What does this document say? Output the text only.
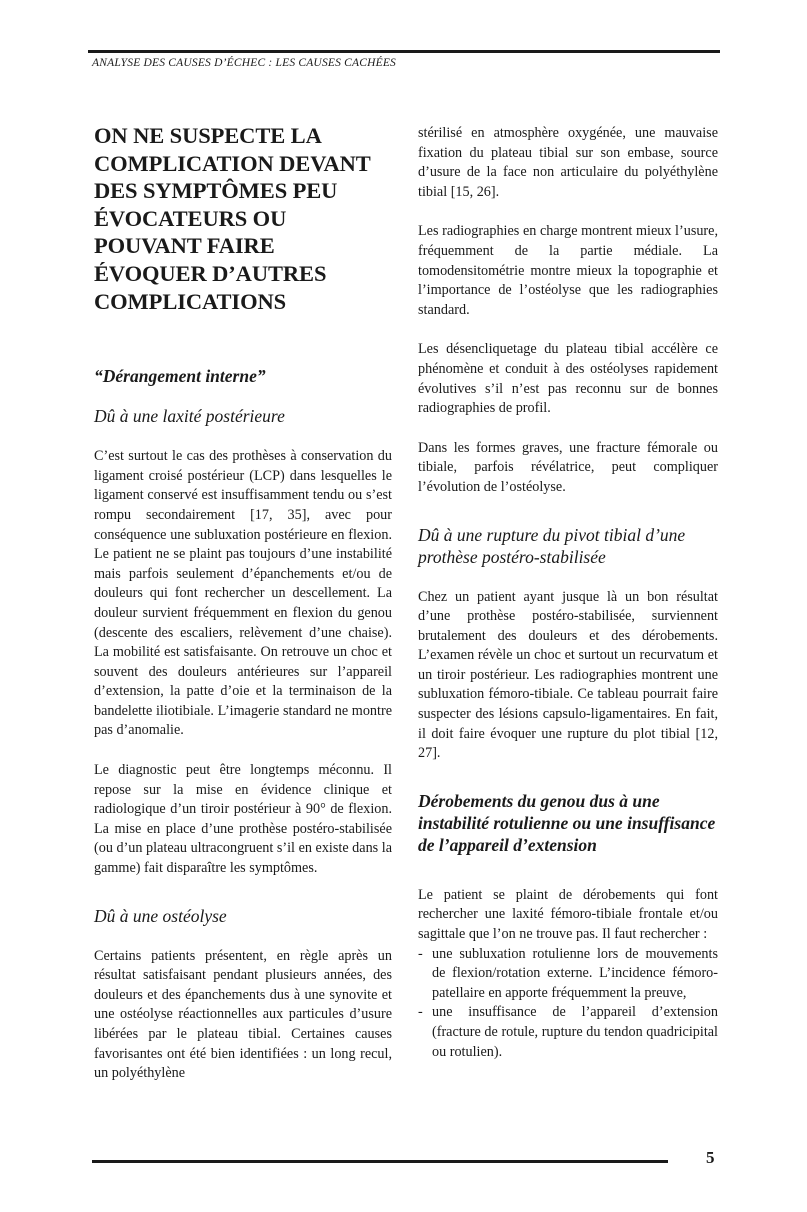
ANALYSE DES CAUSES D’ÉCHEC : LES CAUSES CACHÉES
ON NE SUSPECTE LA COMPLICATION DEVANT DES SYMPTÔMES PEU ÉVOCATEURS OU POUVANT FAIRE ÉVOQUER D’AUTRES COMPLICATIONS
“Dérangement interne”
Dû à une laxité postérieure

C’est surtout le cas des prothèses à conservation du ligament croisé postérieur (LCP) dans lesquelles le ligament conservé est insuffisamment tendu ou s’est rompu secondairement [17, 35], avec pour conséquence une subluxation postérieure en flexion. Le patient ne se plaint pas toujours d’une instabilité mais parfois seulement d’épanchements et/ou de douleurs qui font rechercher un descellement. La douleur survient fréquemment en flexion du genou (descente des escaliers, relèvement d’une chaise). La mobilité est satisfaisante. On retrouve un choc et souvent des douleurs antérieures sur l’appareil d’extension, la patte d’oie et la terminaison de la bandelette iliotibiale. L’imagerie standard ne montre pas d’anomalie.

Le diagnostic peut être longtemps méconnu. Il repose sur la mise en évidence clinique et radiologique d’un tiroir postérieur à 90° de flexion. La mise en place d’une prothèse postéro-stabilisée (ou d’un plateau ultracongruent s’il en existe dans la gamme) fait disparaître les symptômes.

Dû à une ostéolyse

Certains patients présentent, en règle après un résultat satisfaisant pendant plusieurs années, des douleurs et des épanchements dus à une synovite et une ostéolyse réactionnelles aux particules d’usure libérées par le plateau tibial. Certaines causes favorisantes ont été bien identifiées : un long recul, un polyéthylène

stérilisé en atmosphère oxygénée, une mauvaise fixation du plateau tibial sur son embase, source d’usure de la face non articulaire du polyéthylène tibial [15, 26].

Les radiographies en charge montrent mieux l’usure, fréquemment de la partie médiale. La tomodensitométrie montre mieux la topographie et l’importance de l’ostéolyse que les radiographies standard.

Les désencliquetage du plateau tibial accélère ce phénomène et conduit à des ostéolyses rapidement évolutives s’il n’est pas reconnu sur de bonnes radiographies de profil.

Dans les formes graves, une fracture fémorale ou tibiale, parfois révélatrice, peut compliquer l’évolution de l’ostéolyse.

Dû à une rupture du pivot tibial d’une prothèse postéro-stabilisée

Chez un patient ayant jusque là un bon résultat d’une prothèse postéro-stabilisée, surviennent brutalement des douleurs et des dérobements. L’examen révèle un choc et surtout un recurvatum et un tiroir postérieur. Les radiographies montrent une subluxation fémoro-tibiale. Ce tableau pourrait faire suspecter des lésions capsulo-ligamentaires. En fait, il doit faire évoquer une rupture du plot tibial [12, 27].

Dérobements du genou dus à une instabilité rotulienne ou une insuffisance de l’appareil d’extension

Le patient se plaint de dérobements qui font rechercher une laxité fémoro-tibiale frontale et/ou sagittale que l’on ne trouve pas. Il faut rechercher :

- une subluxation rotulienne lors de mouvements de flexion/rotation externe. L’incidence fémoro-patellaire en apporte fréquemment la preuve,
- une insuffisance de l’appareil d’extension (fracture de rotule, rupture du tendon quadricipital ou rotulien).
5
